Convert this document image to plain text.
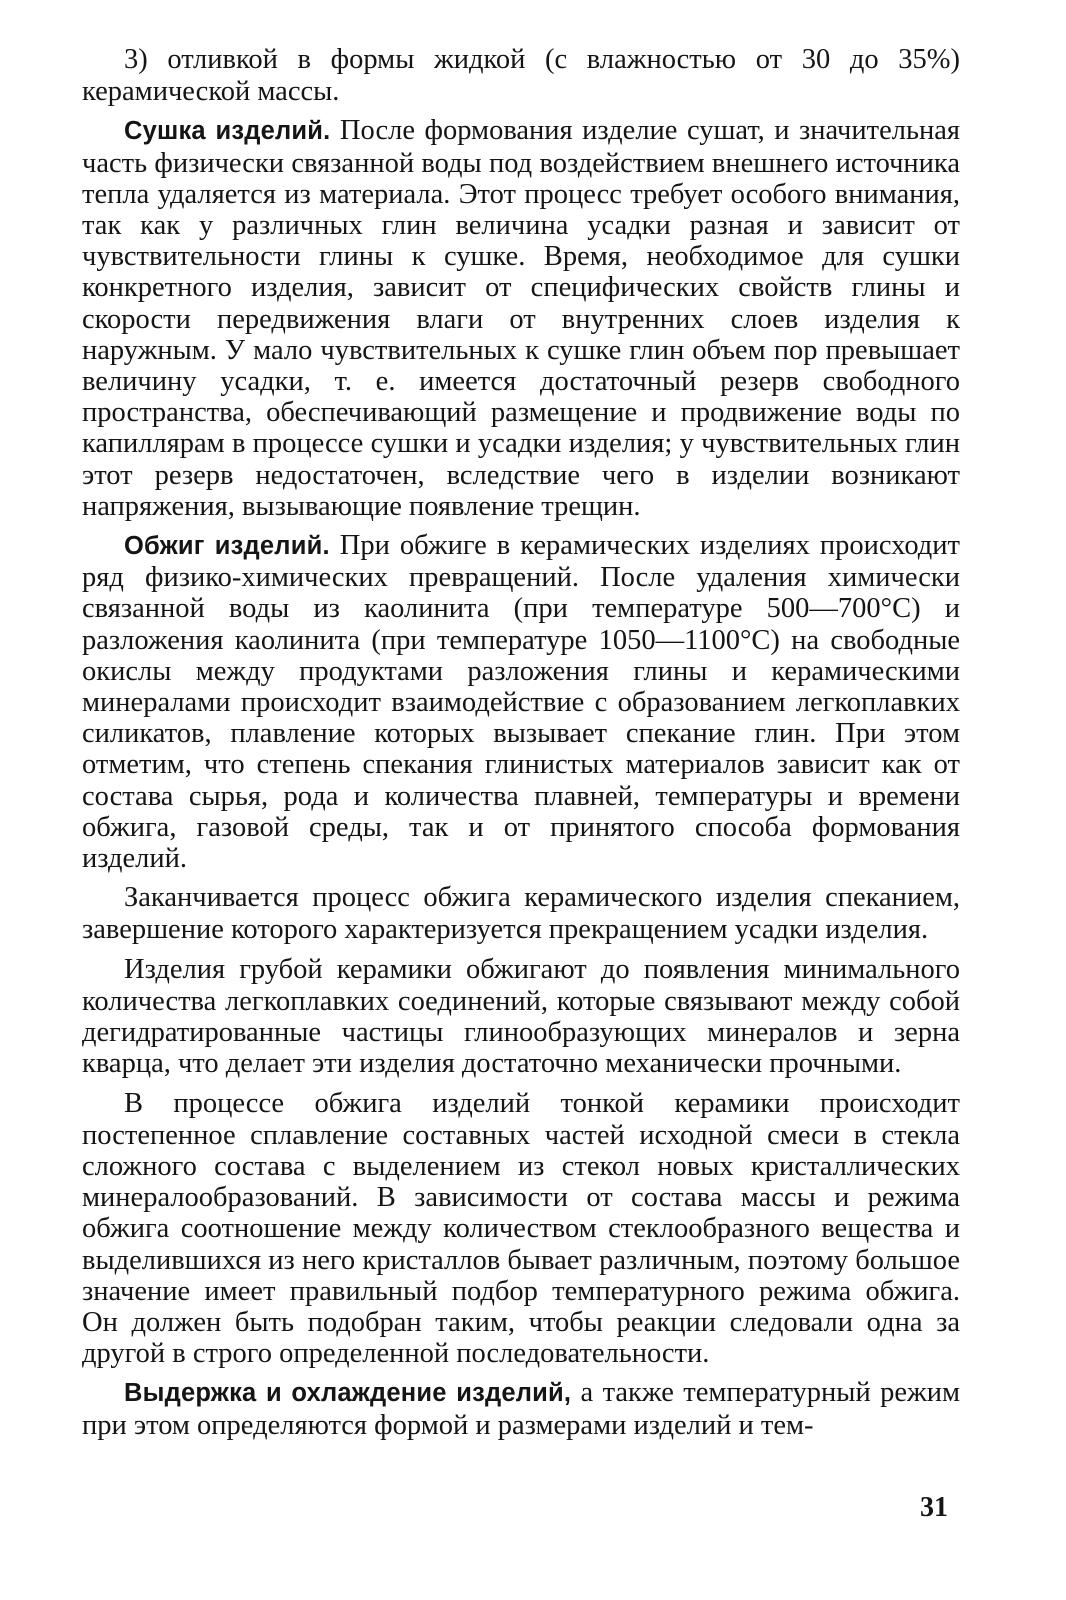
3) отливкой в формы жидкой (с влажностью от 30 до 35%) керамической массы.

Сушка изделий. После формования изделие сушат, и значительная часть физически связанной воды под воздействием внешнего источника тепла удаляется из материала. Этот процесс требует особого внимания, так как у различных глин величина усадки разная и зависит от чувствительности глины к сушке. Время, необходимое для сушки конкретного изделия, зависит от специфических свойств глины и скорости передвижения влаги от внутренних слоев изделия к наружным. У мало чувствительных к сушке глин объем пор превышает величину усадки, т. е. имеется достаточный резерв свободного пространства, обеспечивающий размещение и продвижение воды по капиллярам в процессе сушки и усадки изделия; у чувствительных глин этот резерв недостаточен, вследствие чего в изделии возникают напряжения, вызывающие появление трещин.

Обжиг изделий. При обжиге в керамических изделиях происходит ряд физико-химических превращений. После удаления химически связанной воды из каолинита (при температуре 500—700°С) и разложения каолинита (при температуре 1050—1100°С) на свободные окислы между продуктами разложения глины и керамическими минералами происходит взаимодействие с образованием легкоплавких силикатов, плавление которых вызывает спекание глин. При этом отметим, что степень спекания глинистых материалов зависит как от состава сырья, рода и количества плавней, температуры и времени обжига, газовой среды, так и от принятого способа формования изделий.

Заканчивается процесс обжига керамического изделия спеканием, завершение которого характеризуется прекращением усадки изделия.

Изделия грубой керамики обжигают до появления минимального количества легкоплавких соединений, которые связывают между собой дегидратированные частицы глинообразующих минералов и зерна кварца, что делает эти изделия достаточно механически прочными.

В процессе обжига изделий тонкой керамики происходит постепенное сплавление составных частей исходной смеси в стекла сложного состава с выделением из стекол новых кристаллических минералообразований. В зависимости от состава массы и режима обжига соотношение между количеством стеклообразного вещества и выделившихся из него кристаллов бывает различным, поэтому большое значение имеет правильный подбор температурного режима обжига. Он должен быть подобран таким, чтобы реакции следовали одна за другой в строго определенной последовательности.

Выдержка и охлаждение изделий, а также температурный режим при этом определяются формой и размерами изделий и тем-

31
